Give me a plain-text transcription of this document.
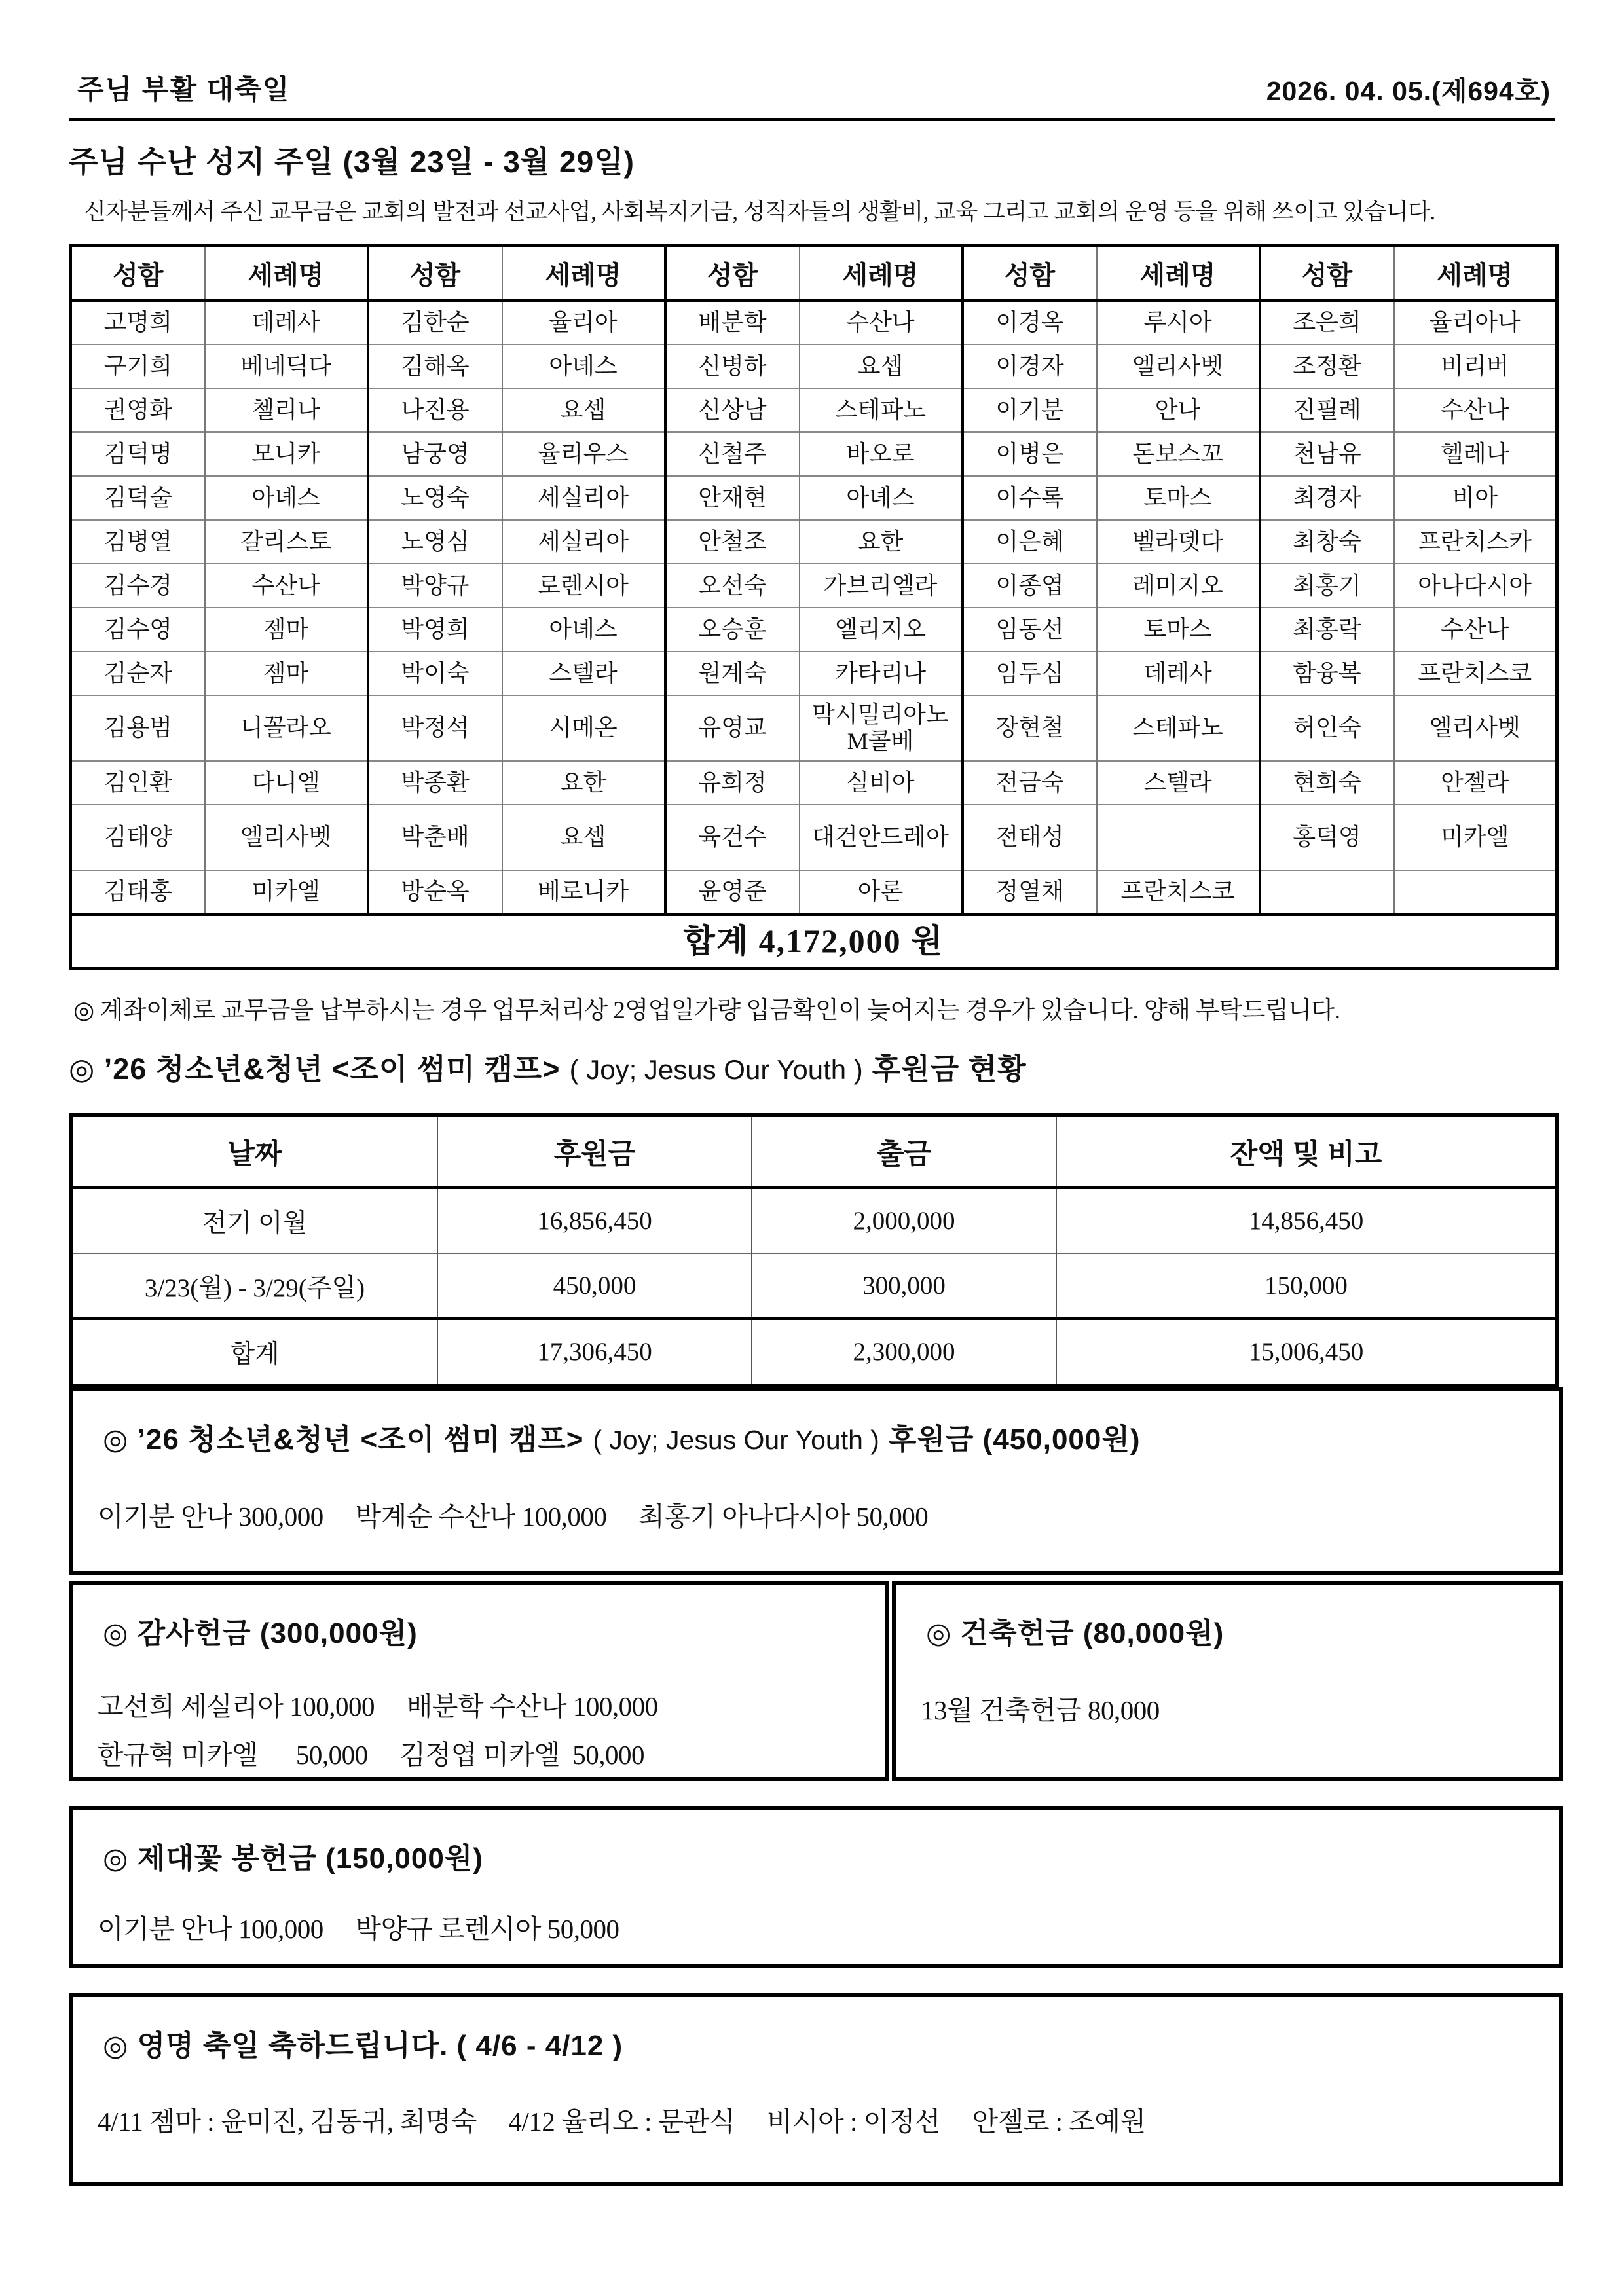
주님 부활 대축일	2026. 04. 05.(제694호)
주님 수난 성지 주일 (3월 23일 - 3월 29일)
신자분들께서 주신 교무금은 교회의 발전과 선교사업, 사회복지기금, 성직자들의 생활비, 교육 그리고 교회의 운영 등을 위해 쓰이고 있습니다.
성함	세례명	성함	세례명	성함	세례명	성함	세례명	성함	세례명
고명희	데레사	김한순	율리아	배분학	수산나	이경옥	루시아	조은희	율리아나
구기희	베네딕다	김해옥	아녜스	신병하	요셉	이경자	엘리사벳	조정환	비리버
권영화	첼리나	나진용	요셉	신상남	스테파노	이기분	안나	진필례	수산나
김덕명	모니카	남궁영	율리우스	신철주	바오로	이병은	돈보스꼬	천남유	헬레나
김덕술	아녜스	노영숙	세실리아	안재현	아녜스	이수록	토마스	최경자	비아
김병열	갈리스토	노영심	세실리아	안철조	요한	이은혜	벨라뎃다	최창숙	프란치스카
김수경	수산나	박양규	로렌시아	오선숙	가브리엘라	이종엽	레미지오	최홍기	아나다시아
김수영	젬마	박영희	아녜스	오승훈	엘리지오	임동선	토마스	최홍락	수산나
김순자	젬마	박이숙	스텔라	원계숙	카타리나	임두심	데레사	함융복	프란치스코
김용범	니꼴라오	박정석	시메온	유영교	막시밀리아노M콜베	장현철	스테파노	허인숙	엘리사벳
김인환	다니엘	박종환	요한	유희정	실비아	전금숙	스텔라	현희숙	안젤라
김태양	엘리사벳	박춘배	요셉	육건수	대건안드레아	전태성		홍덕영	미카엘
김태홍	미카엘	방순옥	베로니카	윤영준	아론	정열채	프란치스코		
합계 4,172,000 원									
◎ 계좌이체로 교무금을 납부하시는 경우 업무처리상 2영업일가량 입금확인이 늦어지는 경우가 있습니다. 양해 부탁드립니다.
◎ ’26 청소년&청년 <조이 썸미 캠프> ( Joy; Jesus Our Youth ) 후원금 현황
날짜	후원금	출금	잔액 및 비고
전기 이월	16,856,450	2,000,000	14,856,450
3/23(월) - 3/29(주일)	450,000	300,000	150,000
합계	17,306,450	2,300,000	15,006,450
◎ ’26 청소년&청년 <조이 썸미 캠프> ( Joy; Jesus Our Youth ) 후원금 (450,000원)
이기분 안나 300,000     박계순 수산나 100,000     최홍기 아나다시아 50,000
◎ 감사헌금 (300,000원)
고선희 세실리아 100,000     배분학 수산나 100,000
한규혁 미카엘      50,000     김정엽 미카엘  50,000
◎ 건축헌금 (80,000원)
13월 건축헌금 80,000
◎ 제대꽃 봉헌금 (150,000원)
이기분 안나 100,000     박양규 로렌시아 50,000
◎ 영명 축일 축하드립니다. ( 4/6 - 4/12 )
4/11 젬마 : 윤미진, 김동귀, 최명숙     4/12 율리오 : 문관식     비시아 : 이정선     안젤로 : 조예원
